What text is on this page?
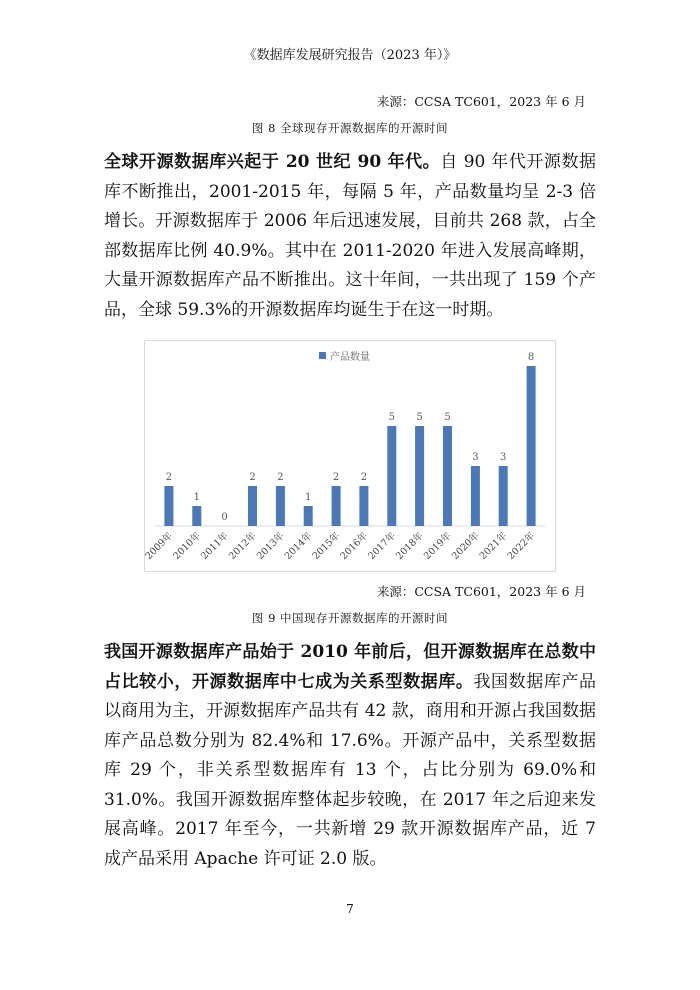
《数据库发展研究报告（2023 年）》
来源：CCSA TC601，2023 年 6 月
图 8 全球现存开源数据库的开源时间
全球开源数据库兴起于 20 世纪 90 年代。自 90 年代开源数据库不断推出，2001-2015 年，每隔 5 年，产品数量均呈 2-3 倍增长。开源数据库于 2006 年后迅速发展，目前共 268 款，占全部数据库比例 40.9%。其中在 2011-2020 年进入发展高峰期，大量开源数据库产品不断推出。这十年间，一共出现了 159 个产品，全球 59.3%的开源数据库均诞生于在这一时期。
产品数量
2
1
0
2 2
1
2 2
5 5 5
3 3
8
2009年
2010年
2011年
2012年
2013年
2014年
2015年
2016年
2017年
2018年
2019年
2020年
2021年
2022年
来源：CCSA TC601，2023 年 6 月
图 9 中国现存开源数据库的开源时间
我国开源数据库产品始于 2010 年前后，但开源数据库在总数中占比较小，开源数据库中七成为关系型数据库。我国数据库产品以商用为主，开源数据库产品共有 42 款，商用和开源占我国数据库产品总数分别为 82.4%和 17.6%。开源产品中，关系型数据库 29 个，非关系型数据库有 13 个，占比分别为 69.0%和 31.0%。我国开源数据库整体起步较晚，在 2017 年之后迎来发展高峰。2017 年至今，一共新增 29 款开源数据库产品，近 7 成产品采用 Apache 许可证 2.0 版。
7
